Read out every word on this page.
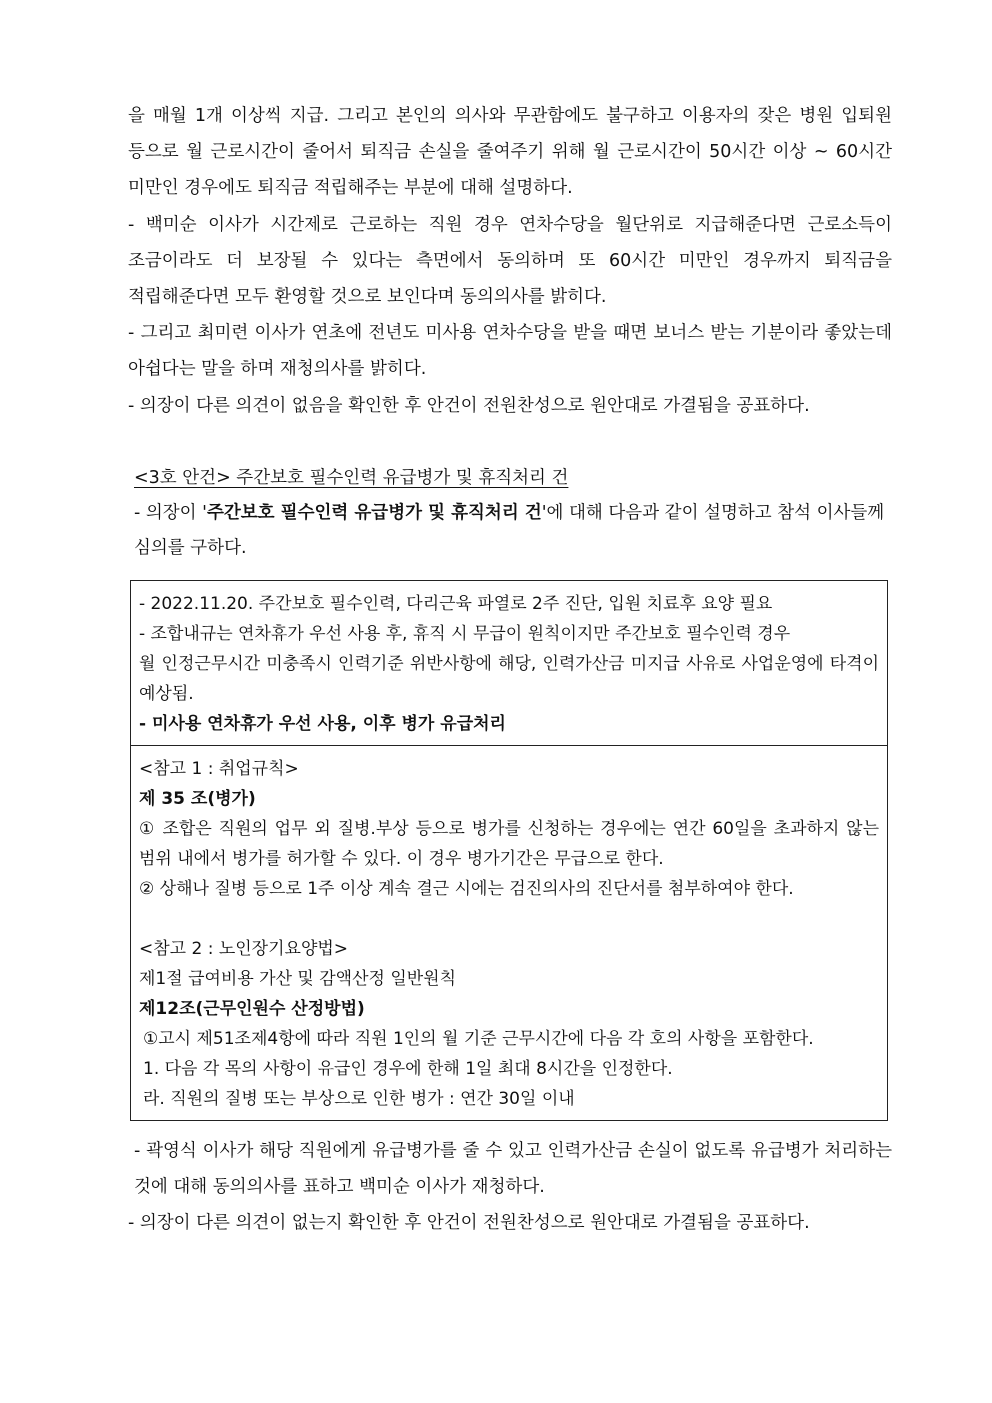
을 매월 1개 이상씩 지급. 그리고 본인의 의사와 무관함에도 불구하고 이용자의 잦은 병원 입퇴원 등으로 월 근로시간이 줄어서 퇴직금 손실을 줄여주기 위해 월 근로시간이 50시간 이상 ~ 60시간 미만인 경우에도 퇴직금 적립해주는 부분에 대해 설명하다.

- 백미순 이사가 시간제로 근로하는 직원 경우 연차수당을 월단위로 지급해준다면 근로소득이 조금이라도 더 보장될 수 있다는 측면에서 동의하며 또 60시간 미만인 경우까지 퇴직금을 적립해준다면 모두 환영할 것으로 보인다며 동의의사를 밝히다.

- 그리고 최미련 이사가 연초에 전년도 미사용 연차수당을 받을 때면 보너스 받는 기분이라 좋았는데 아쉽다는 말을 하며 재청의사를 밝히다.

- 의장이 다른 의견이 없음을 확인한 후 안건이 전원찬성으로 원안대로 가결됨을 공표하다.

<3호 안건> 주간보호 필수인력 유급병가 및 휴직처리 건

- 의장이 '주간보호 필수인력 유급병가 및 휴직처리 건'에 대해 다음과 같이 설명하고 참석 이사들께 심의를 구하다.

- 2022.11.20. 주간보호 필수인력, 다리근육 파열로 2주 진단, 입원 치료후 요양 필요

- 조합내규는 연차휴가 우선 사용 후, 휴직 시 무급이 원칙이지만 주간보호 필수인력 경우

월 인정근무시간 미충족시 인력기준 위반사항에 해당, 인력가산금 미지급 사유로 사업운영에 타격이 예상됨.

- 미사용 연차휴가 우선 사용, 이후 병가 유급처리

<참고 1 : 취업규칙>

제 35 조(병가)

① 조합은 직원의 업무 외 질병.부상 등으로 병가를 신청하는 경우에는 연간 60일을 초과하지 않는 범위 내에서 병가를 허가할 수 있다. 이 경우 병가기간은 무급으로 한다.

② 상해나 질병 등으로 1주 이상 계속 결근 시에는 검진의사의 진단서를 첨부하여야 한다.

<참고 2 : 노인장기요양법>

제1절 급여비용 가산 및 감액산정 일반원칙

제12조(근무인원수 산정방법)

①고시 제51조제4항에 따라 직원 1인의 월 기준 근무시간에 다음 각 호의 사항을 포함한다.

1. 다음 각 목의 사항이 유급인 경우에 한해 1일 최대 8시간을 인정한다.

라. 직원의 질병 또는 부상으로 인한 병가 : 연간 30일 이내

- 곽영식 이사가 해당 직원에게 유급병가를 줄 수 있고 인력가산금 손실이 없도록 유급병가 처리하는 것에 대해 동의의사를 표하고 백미순 이사가 재청하다.

- 의장이 다른 의견이 없는지 확인한 후 안건이 전원찬성으로 원안대로 가결됨을 공표하다.
